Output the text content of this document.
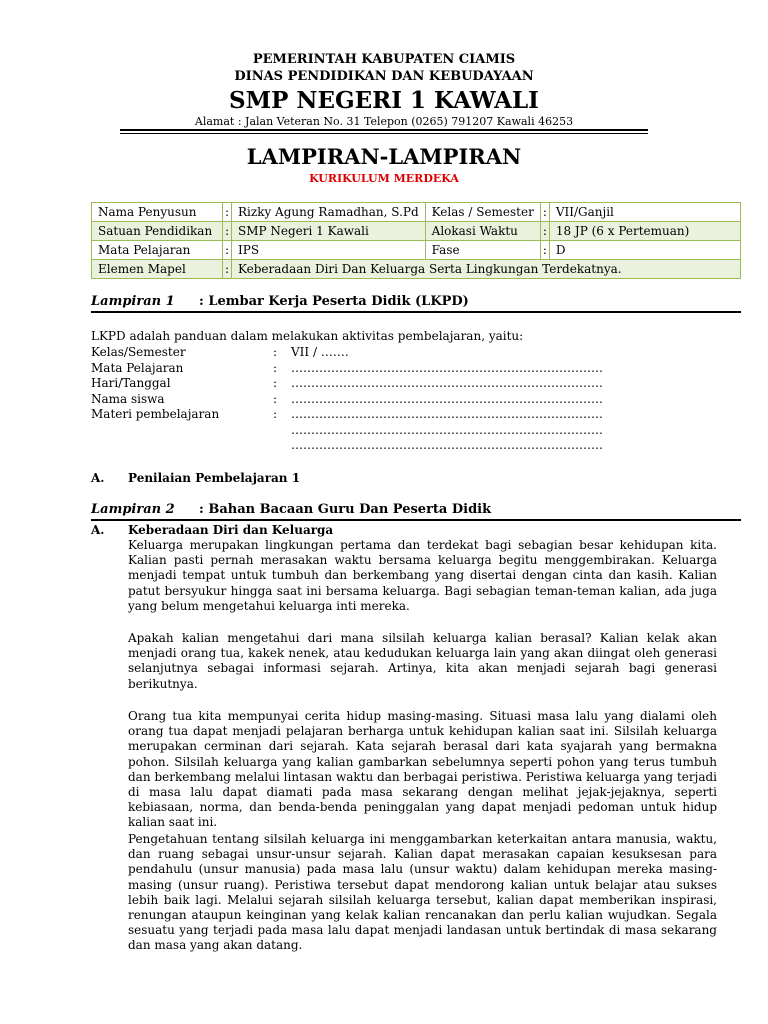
PEMERINTAH KABUPATEN CIAMIS
DINAS PENDIDIKAN DAN KEBUDAYAAN
SMP NEGERI 1 KAWALI
Alamat : Jalan Veteran No. 31 Telepon (0265) 791207 Kawali 46253
LAMPIRAN-LAMPIRAN
KURIKULUM MERDEKA
Nama Penyusun	:	Rizky Agung Ramadhan, S.Pd	Kelas / Semester	:	VII/Ganjil
Satuan Pendidikan	:	SMP Negeri 1 Kawali	Alokasi Waktu	:	18 JP (6 x Pertemuan)
Mata Pelajaran	:	IPS	Fase	:	D
Elemen Mapel	:	Keberadaan Diri Dan Keluarga Serta Lingkungan Terdekatnya.			
Lampiran 1 : Lembar Kerja Peserta Didik (LKPD)
LKPD adalah panduan dalam melakukan aktivitas pembelajaran, yaitu:
Kelas/Semester	: VII / …….
Mata Pelajaran	: ……………………………………………………………………
Hari/Tanggal	: ……………………………………………………………………
Nama siswa	: ……………………………………………………………………
Materi pembelajaran	: ……………………………………………………………………
……………………………………………………………………
……………………………………………………………………
A. Penilaian Pembelajaran 1
Lampiran 2 : Bahan Bacaan Guru Dan Peserta Didik
A. Keberadaan Diri dan Keluarga

Keluarga merupakan lingkungan pertama dan terdekat bagi sebagian besar kehidupan kita. Kalian pasti pernah merasakan waktu bersama keluarga begitu menggembirakan. Keluarga menjadi tempat untuk tumbuh dan berkembang yang disertai dengan cinta dan kasih. Kalian patut bersyukur hingga saat ini bersama keluarga. Bagi sebagian teman-teman kalian, ada juga yang belum mengetahui keluarga inti mereka.

Apakah kalian mengetahui dari mana silsilah keluarga kalian berasal? Kalian kelak akan menjadi orang tua, kakek nenek, atau kedudukan keluarga lain yang akan diingat oleh generasi selanjutnya sebagai informasi sejarah. Artinya, kita akan menjadi sejarah bagi generasi berikutnya.

Orang tua kita mempunyai cerita hidup masing-masing. Situasi masa lalu yang dialami oleh orang tua dapat menjadi pelajaran berharga untuk kehidupan kalian saat ini. Silsilah keluarga merupakan cerminan dari sejarah. Kata sejarah berasal dari kata syajarah yang bermakna pohon. Silsilah keluarga yang kalian gambarkan sebelumnya seperti pohon yang terus tumbuh dan berkembang melalui lintasan waktu dan berbagai peristiwa. Peristiwa keluarga yang terjadi di masa lalu dapat diamati pada masa sekarang dengan melihat jejak-jejaknya, seperti kebiasaan, norma, dan benda-benda peninggalan yang dapat menjadi pedoman untuk hidup kalian saat ini.

Pengetahuan tentang silsilah keluarga ini menggambarkan keterkaitan antara manusia, waktu, dan ruang sebagai unsur-unsur sejarah. Kalian dapat merasakan capaian kesuksesan para pendahulu (unsur manusia) pada masa lalu (unsur waktu) dalam kehidupan mereka masing-masing (unsur ruang). Peristiwa tersebut dapat mendorong kalian untuk belajar atau sukses lebih baik lagi. Melalui sejarah silsilah keluarga tersebut, kalian dapat memberikan inspirasi, renungan ataupun keinginan yang kelak kalian rencanakan dan perlu kalian wujudkan. Segala sesuatu yang terjadi pada masa lalu dapat menjadi landasan untuk bertindak di masa sekarang dan masa yang akan datang.
